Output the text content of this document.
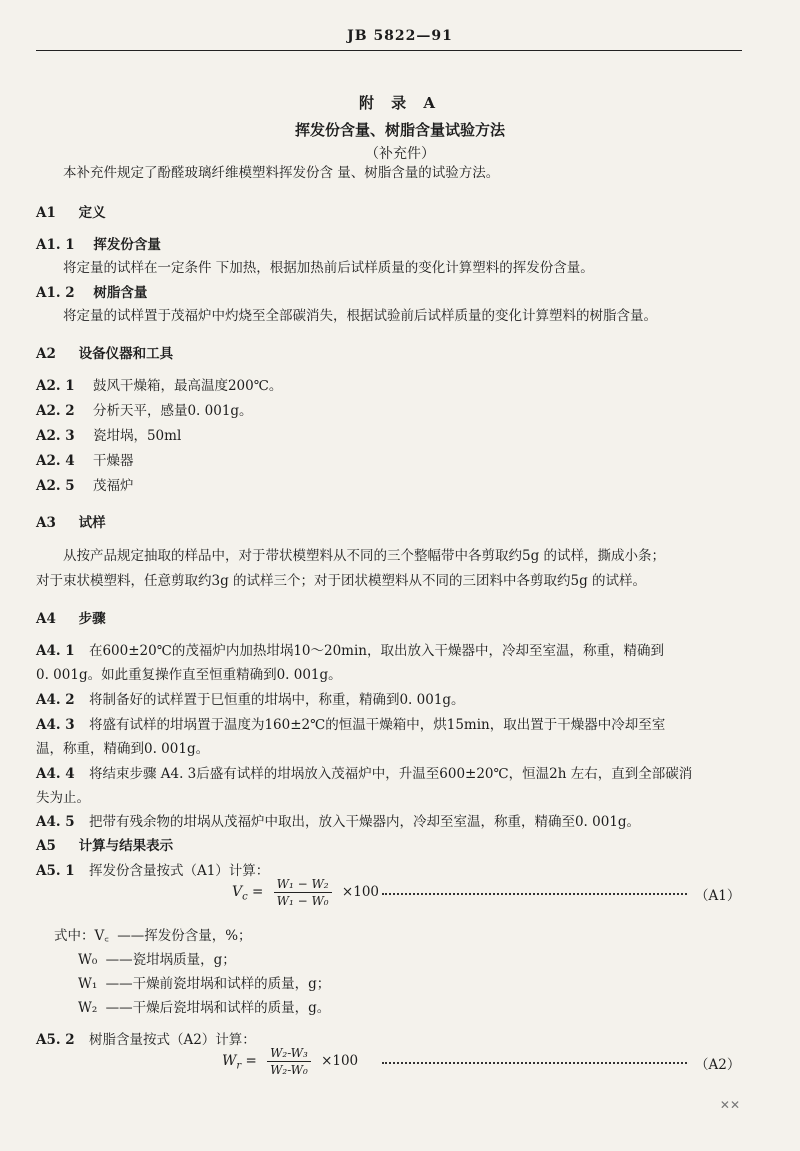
JB 5822—91
附 录 A
挥发份含量、树脂含量试验方法
（补充件）
本补充件规定了酚醛玻璃纤维模塑料挥发份含 量、树脂含量的试验方法。
A1 定义
A1. 1 挥发份含量
将定量的试样在一定条件 下加热，根据加热前后试样质量的变化计算塑料的挥发份含量。
A1. 2 树脂含量
将定量的试样置于茂福炉中灼烧至全部碳消失，根据试验前后试样质量的变化计算塑料的树脂含量。
A2 设备仪器和工具
A2. 1 鼓风干燥箱，最高温度200℃。
A2. 2 分析天平，感量0. 001g。
A2. 3 瓷坩埚，50ml
A2. 4 干燥器
A2. 5 茂福炉
A3 试样
从按产品规定抽取的样品中，对于带状模塑料从不同的三个整幅带中各剪取约5g 的试样，撕成小条；
对于束状模塑料，任意剪取约3g 的试样三个；对于团状模塑料从不同的三团料中各剪取约5g 的试样。
A4 步骤
A4. 1 在600±20℃的茂福炉内加热坩埚10～20min，取出放入干燥器中，冷却至室温，称重，精确到
0. 001g。如此重复操作直至恒重精确到0. 001g。
A4. 2 将制备好的试样置于巳恒重的坩埚中，称重，精确到0. 001g。
A4. 3 将盛有试样的坩埚置于温度为160±2℃的恒温干燥箱中，烘15min，取出置于干燥器中冷却至室
温，称重，精确到0. 001g。
A4. 4 将结束步骤 A4. 3后盛有试样的坩埚放入茂福炉中，升温至600±20℃，恒温2h 左右，直到全部碳消
失为止。
A4. 5 把带有残余物的坩埚从茂福炉中取出，放入干燥器内，冷却至室温，称重，精确至0. 001g。
A5 计算与结果表示
A5. 1 挥发份含量按式（A1）计算：
$V_c = \frac{\text{W₁ − W₂}}{\text{W₁ − W₀}} \times 100$	（A1）
式中：V꜀ ——挥发份含量，%；
W₀ ——瓷坩埚质量，g；
W₁ ——干燥前瓷坩埚和试样的质量，g；
W₂ ——干燥后瓷坩埚和试样的质量，g。
A5. 2 树脂含量按式（A2）计算：
$W_r = \frac{\text{W₂-W₃}}{\text{W₂-W₀}} \times 100$	（A2）
✕✕
